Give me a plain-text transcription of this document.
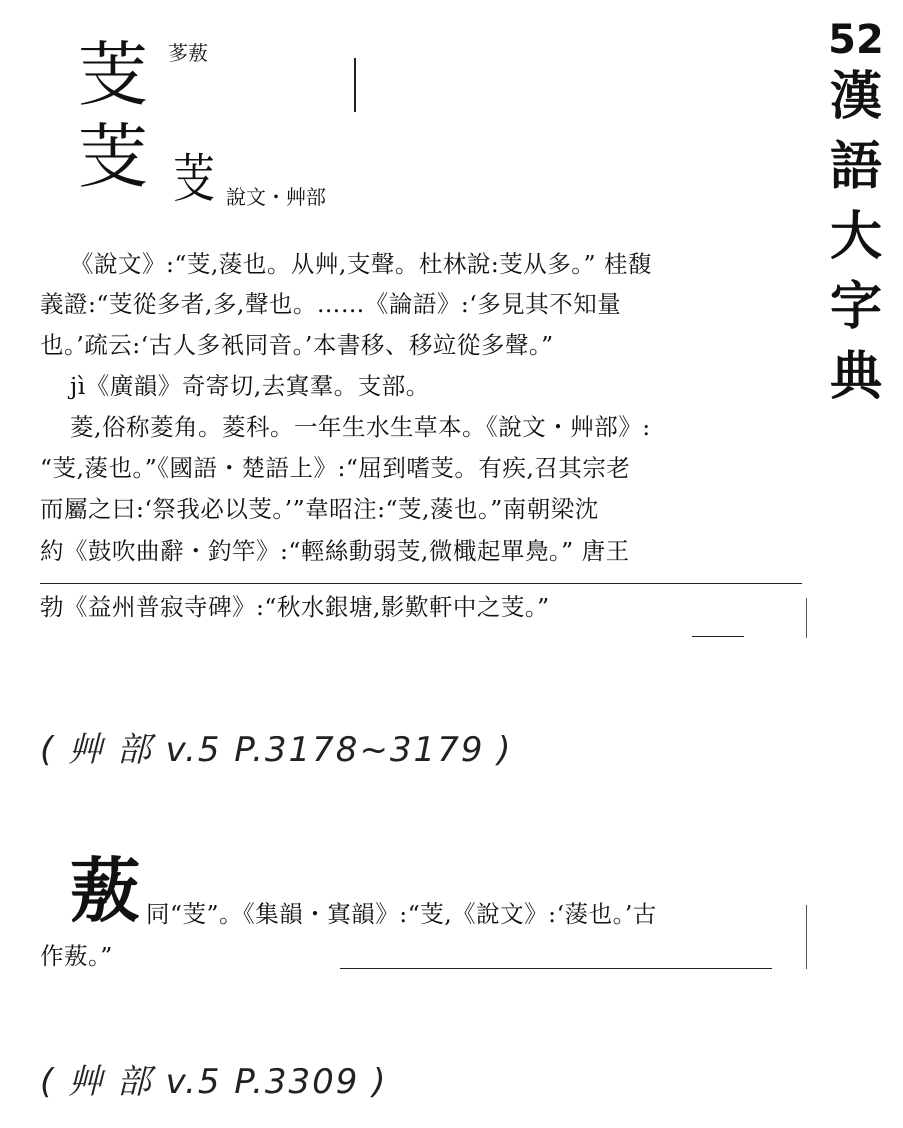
52
漢
語
大
字
典
芰 茤蔜
芰 芰 說文・艸部
《說文》:“芰,蔆也。从艸,支聲。杜林說:芰从多。” 桂馥
義證:“芰從多者,多,聲也。……《論語》:‘多見其不知量
也。’疏云:‘古人多衹同音。’本書移、移竝從多聲。”
jì《廣韻》奇寄切,去寘羣。支部。
菱,俗称菱角。菱科。一年生水生草本。《說文・艸部》:
“芰,蔆也。”《國語・楚語上》:“屈到嗜芰。有疾,召其宗老
而屬之曰:‘祭我必以芰。’”韋昭注:“芰,蔆也。”南朝梁沈
約《鼓吹曲辭・釣竿》:“輕絲動弱芰,微檝起單鳧。” 唐王
勃《益州普寂寺碑》:“秋水銀塘,影歎軒中之芰。”
( 艸 部 v.5 P.3178~3179 )
蔜 同“芰”。《集韻・寘韻》:“芰,《說文》:‘蔆也。’古
作蔜。”
( 艸 部 v.5 P.3309 )
